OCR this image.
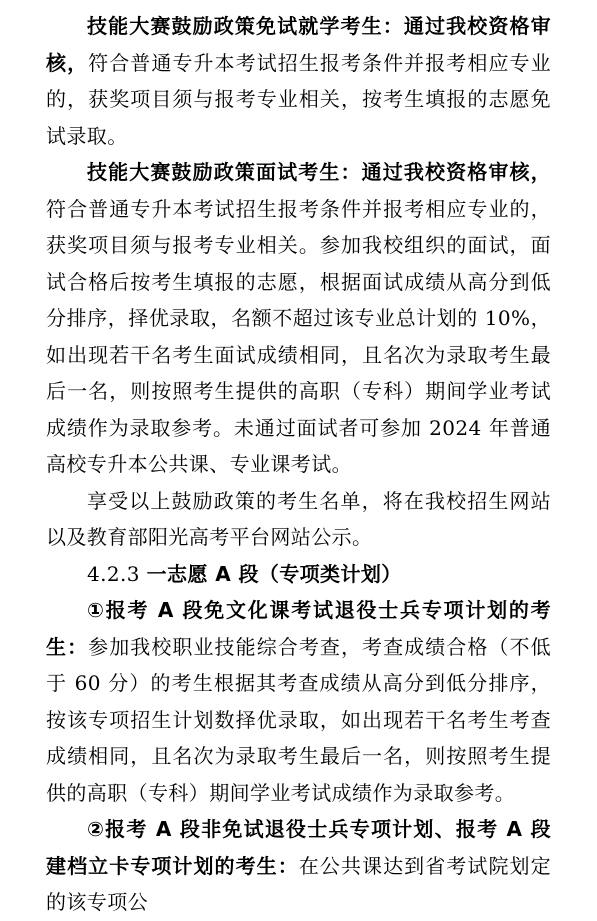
技能大赛鼓励政策免试就学考生：通过我校资格审核，符合普通专升本考试招生报考条件并报考相应专业的，获奖项目须与报考专业相关，按考生填报的志愿免试录取。

技能大赛鼓励政策面试考生：通过我校资格审核，符合普通专升本考试招生报考条件并报考相应专业的，获奖项目须与报考专业相关。参加我校组织的面试，面试合格后按考生填报的志愿，根据面试成绩从高分到低分排序，择优录取，名额不超过该专业总计划的 10%，如出现若干名考生面试成绩相同，且名次为录取考生最后一名，则按照考生提供的高职（专科）期间学业考试成绩作为录取参考。未通过面试者可参加 2024 年普通高校专升本公共课、专业课考试。

享受以上鼓励政策的考生名单，将在我校招生网站以及教育部阳光高考平台网站公示。

4.2.3 一志愿 A 段（专项类计划）

①报考 A 段免文化课考试退役士兵专项计划的考生：参加我校职业技能综合考查，考查成绩合格（不低于 60 分）的考生根据其考查成绩从高分到低分排序，按该专项招生计划数择优录取，如出现若干名考生考查成绩相同，且名次为录取考生最后一名，则按照考生提供的高职（专科）期间学业考试成绩作为录取参考。

②报考 A 段非免试退役士兵专项计划、报考 A 段建档立卡专项计划的考生：在公共课达到省考试院划定的该专项公
